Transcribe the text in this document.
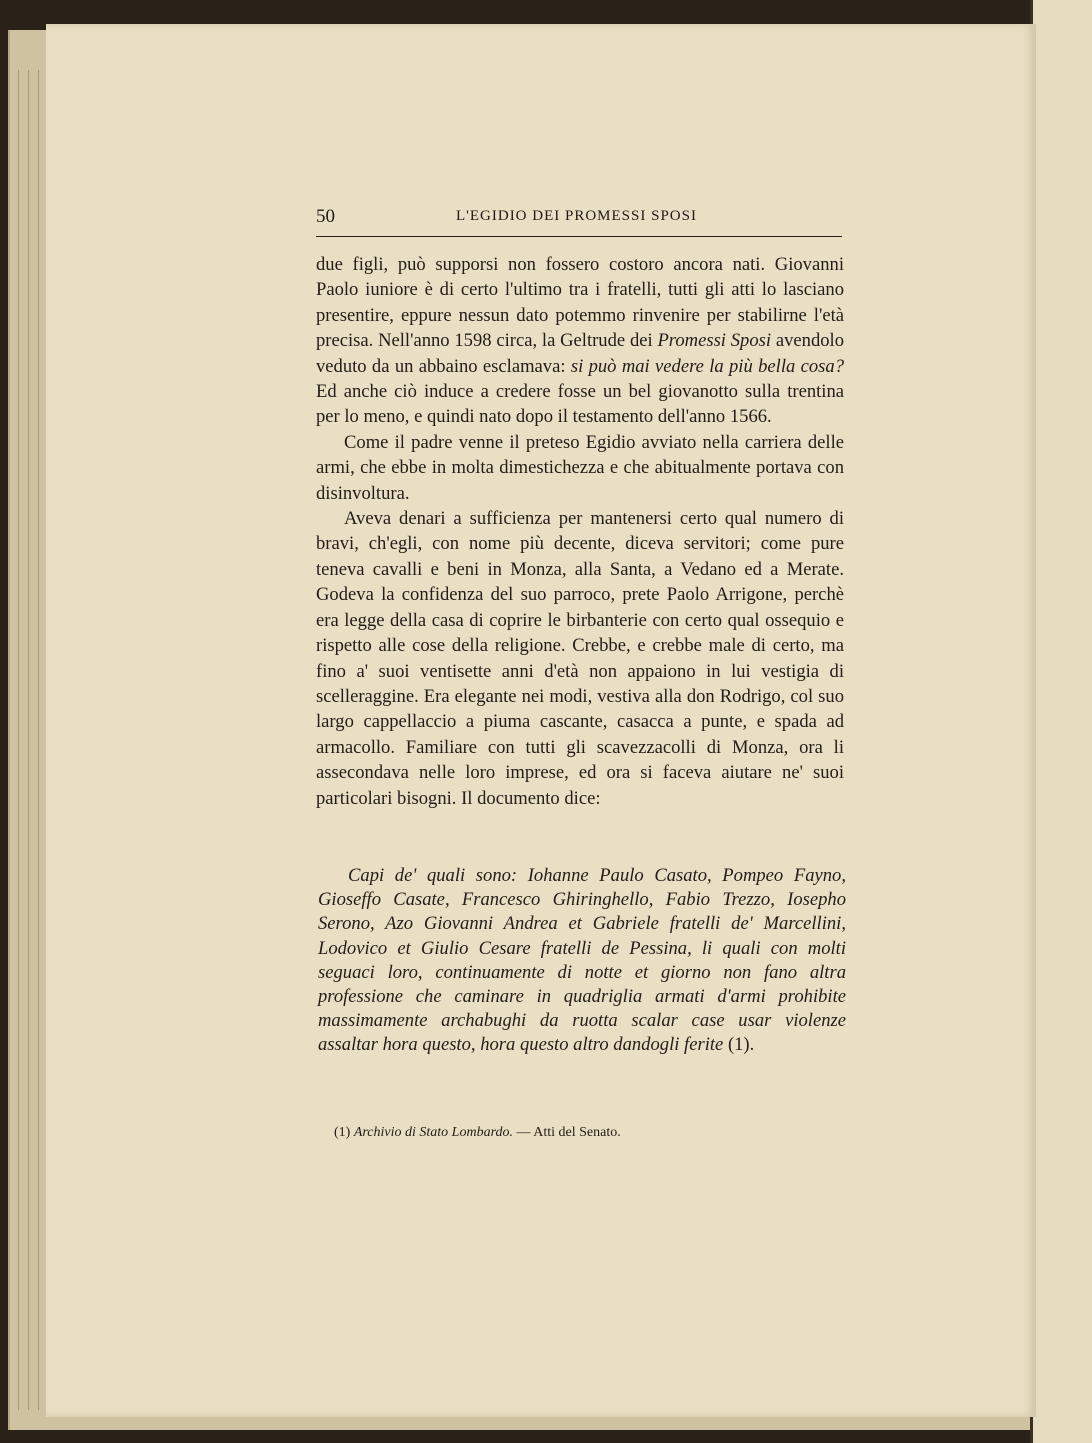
50	L'EGIDIO DEI PROMESSI SPOSI

due figli, può supporsi non fossero costoro ancora nati. Giovanni Paolo iuniore è di certo l'ultimo tra i fratelli, tutti gli atti lo lasciano presentire, eppure nessun dato potemmo rinvenire per stabilirne l'età precisa. Nell'anno 1598 circa, la Geltrude dei Promessi Sposi avendolo veduto da un abbaino esclamava: si può mai vedere la più bella cosa? Ed anche ciò induce a credere fosse un bel giovanotto sulla trentina per lo meno, e quindi nato dopo il testamento dell'anno 1566.

Come il padre venne il preteso Egidio avviato nella carriera delle armi, che ebbe in molta dimestichezza e che abitualmente portava con disinvoltura.

Aveva denari a sufficienza per mantenersi certo qual numero di bravi, ch'egli, con nome più decente, diceva servitori; come pure teneva cavalli e beni in Monza, alla Santa, a Vedano ed a Merate. Godeva la confidenza del suo parroco, prete Paolo Arrigone, perchè era legge della casa di coprire le birbanterie con certo qual ossequio e rispetto alle cose della religione. Crebbe, e crebbe male di certo, ma fino a' suoi ventisette anni d'età non appaiono in lui vestigia di scelleraggine. Era elegante nei modi, vestiva alla don Rodrigo, col suo largo cappellaccio a piuma cascante, casacca a punte, e spada ad armacollo. Familiare con tutti gli scavezzacolli di Monza, ora li assecondava nelle loro imprese, ed ora si faceva aiutare ne' suoi particolari bisogni. Il documento dice:

Capi de' quali sono: Iohanne Paulo Casato, Pompeo Fayno, Gioseffo Casate, Francesco Ghiringhello, Fabio Trezzo, Iosepho Serono, Azo Giovanni Andrea et Gabriele fratelli de' Marcellini, Lodovico et Giulio Cesare fratelli de Pessina, li quali con molti seguaci loro, continuamente di notte et giorno non fano altra professione che caminare in quadriglia armati d'armi prohibite massimamente archabughi da ruotta scalar case usar violenze assaltar hora questo, hora questo altro dandogli ferite (1).
(1) Archivio di Stato Lombardo. — Atti del Senato.
